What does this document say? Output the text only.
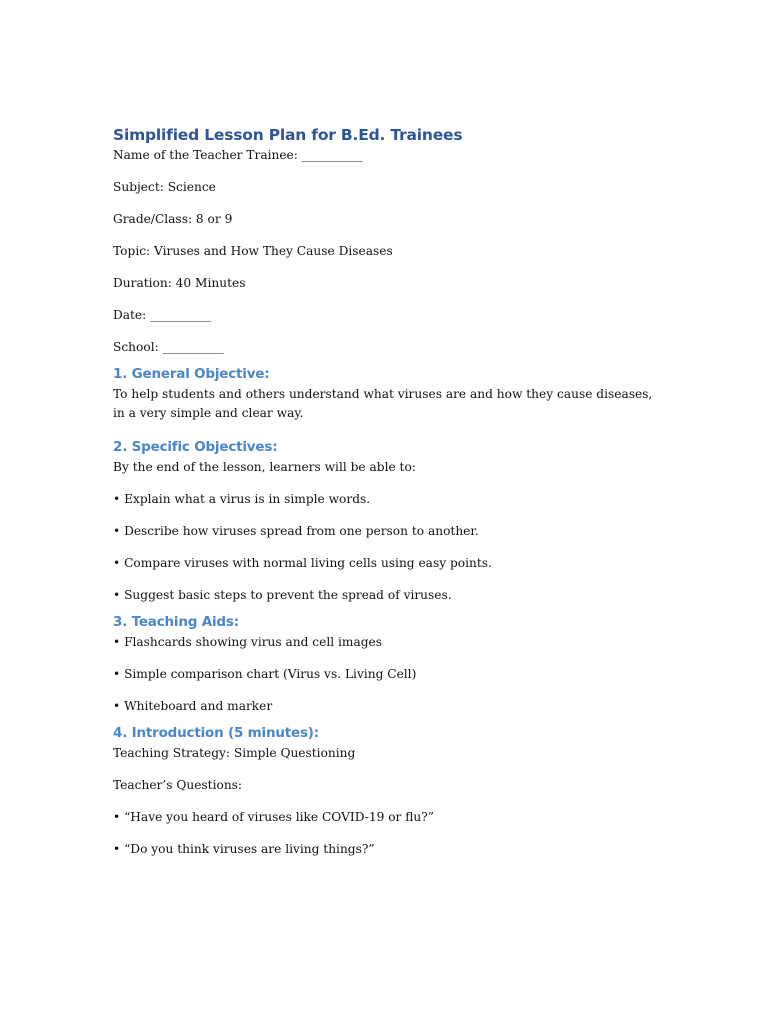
Simplified Lesson Plan for B.Ed. Trainees

Name of the Teacher Trainee: __________

Subject: Science

Grade/Class: 8 or 9

Topic: Viruses and How They Cause Diseases

Duration: 40 Minutes

Date: __________

School: __________

1. General Objective:

To help students and others understand what viruses are and how they cause diseases, in a very simple and clear way.

2. Specific Objectives:

By the end of the lesson, learners will be able to:

• Explain what a virus is in simple words.

• Describe how viruses spread from one person to another.

• Compare viruses with normal living cells using easy points.

• Suggest basic steps to prevent the spread of viruses.

3. Teaching Aids:

• Flashcards showing virus and cell images

• Simple comparison chart (Virus vs. Living Cell)

• Whiteboard and marker

4. Introduction (5 minutes):

Teaching Strategy: Simple Questioning

Teacher’s Questions:

• “Have you heard of viruses like COVID-19 or flu?”

• “Do you think viruses are living things?”
